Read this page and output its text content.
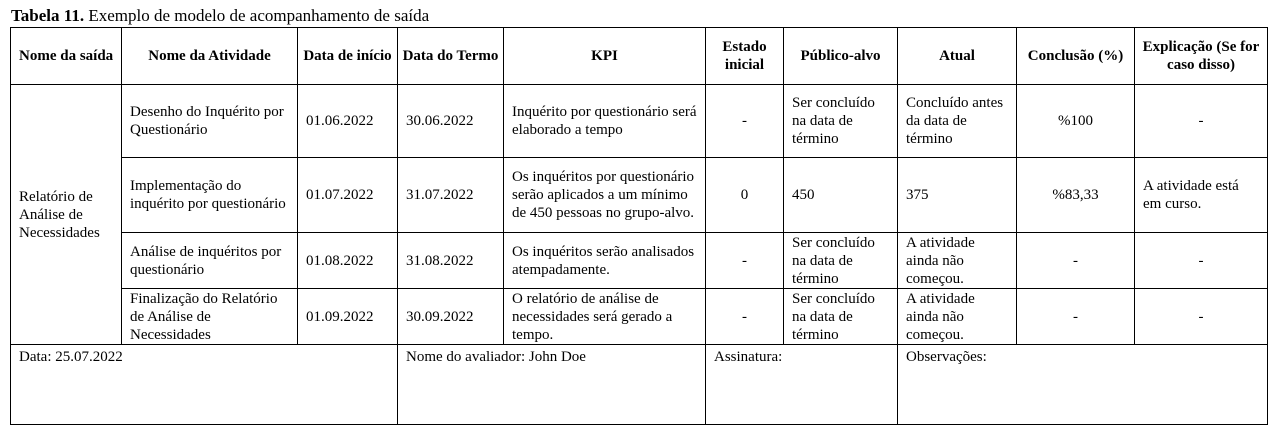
Tabela 11. Exemplo de modelo de acompanhamento de saída
Nome da saída	Nome da Atividade	Data de início	Data do Termo	KPI	Estado inicial	Público-alvo	Atual	Conclusão (%)	Explicação (Se for caso disso)
Relatório de Análise de Necessidades	Desenho do Inquérito por Questionário	01.06.2022	30.06.2022	Inquérito por questionário será elaborado a tempo	-	Ser concluído na data de término	Concluído antes da data de término	%100	-
	Implementação do inquérito por questionário	01.07.2022	31.07.2022	Os inquéritos por questionário serão aplicados a um mínimo de 450 pessoas no grupo-alvo.	0	450	375	%83,33	A atividade está em curso.
	Análise de inquéritos por questionário	01.08.2022	31.08.2022	Os inquéritos serão analisados atempadamente.	-	Ser concluído na data de término	A atividade ainda não começou.	-	-
	Finalização do Relatório de Análise de Necessidades	01.09.2022	30.09.2022	O relatório de análise de necessidades será gerado a tempo.	-	Ser concluído na data de término	A atividade ainda não começou.	-	-
Data: 25.07.2022			Nome do avaliador: John Doe		Assinatura:		Observações:		
